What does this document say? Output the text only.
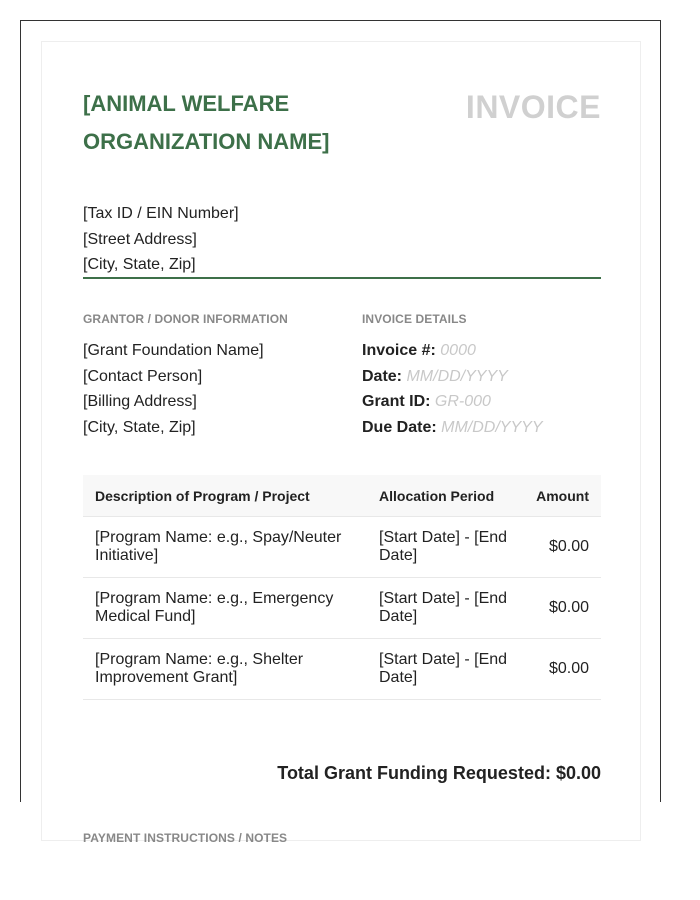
[ANIMAL WELFARE ORGANIZATION NAME]
INVOICE
[Tax ID / EIN Number]
[Street Address]
[City, State, Zip]
GRANTOR / DONOR INFORMATION
[Grant Foundation Name]
[Contact Person]
[Billing Address]
[City, State, Zip]
INVOICE DETAILS
Invoice #: 0000
Date: MM/DD/YYYY
Grant ID: GR-000
Due Date: MM/DD/YYYY
Description of Program / Project	Allocation Period	Amount
[Program Name: e.g., Spay/Neuter Initiative]	[Start Date] - [End Date]	$0.00
[Program Name: e.g., Emergency Medical Fund]	[Start Date] - [End Date]	$0.00
[Program Name: e.g., Shelter Improvement Grant]	[Start Date] - [End Date]	$0.00
Total Grant Funding Requested: $0.00
PAYMENT INSTRUCTIONS / NOTES
